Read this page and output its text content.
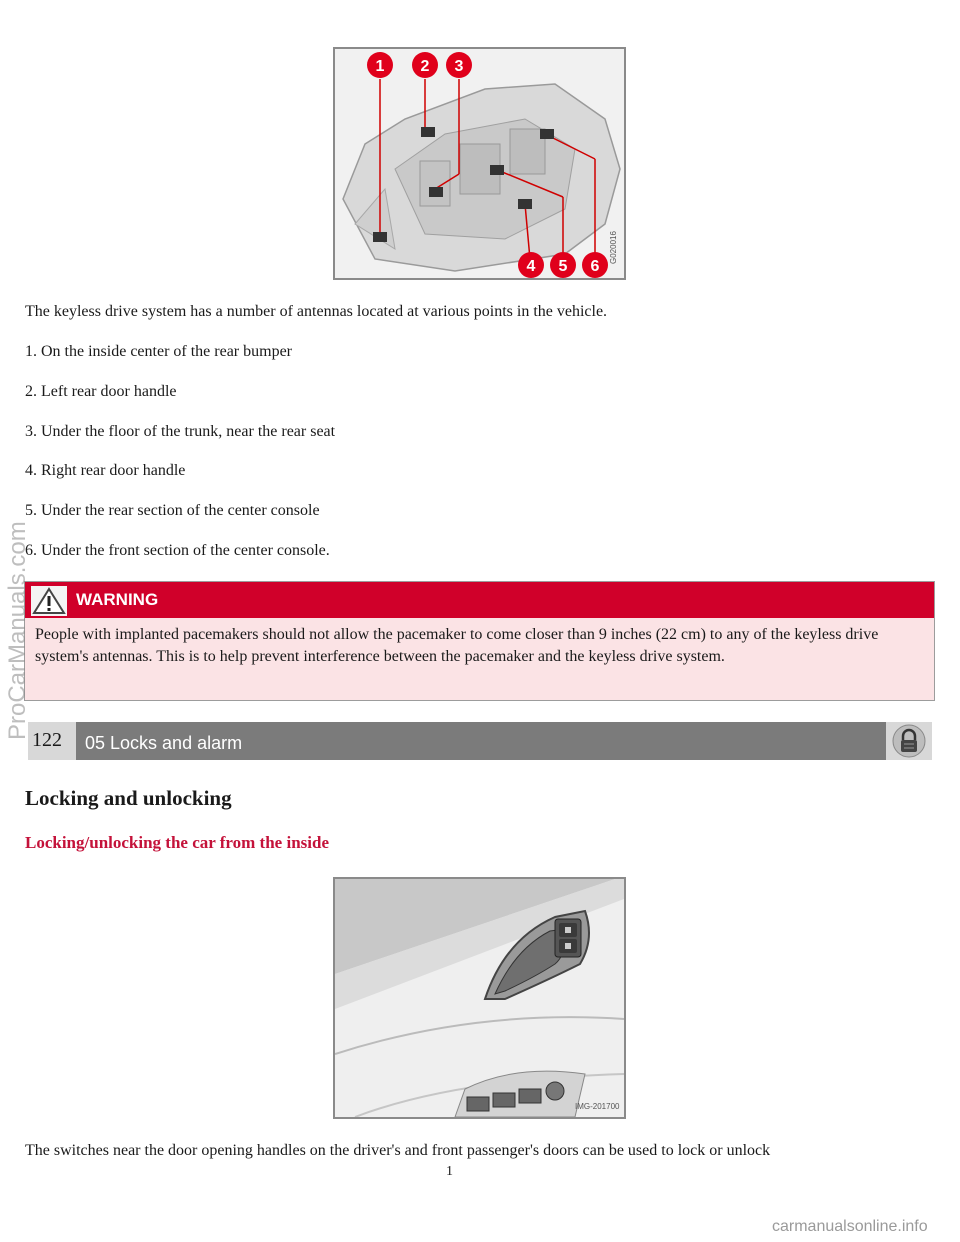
1 2 3
4 5 6
G020016
The keyless drive system has a number of antennas located at various points in the vehicle.
1. On the inside center of the rear bumper
2. Left rear door handle
3. Under the floor of the trunk, near the rear seat
4. Right rear door handle
5. Under the rear section of the center console
6. Under the front section of the center console.
WARNING
People with implanted pacemakers should not allow the pacemaker to come closer than 9 inches (22 cm) to any of the keyless drive system's antennas. This is to help prevent interference between the pacemaker and the keyless drive system.
122	05 Locks and alarm
Locking and unlocking
Locking/unlocking the car from the inside
IMG-201700
The switches near the door opening handles on the driver's and front passenger's doors can be used to lock or unlock
1
ProCarManuals.com
carmanualsonline.info
